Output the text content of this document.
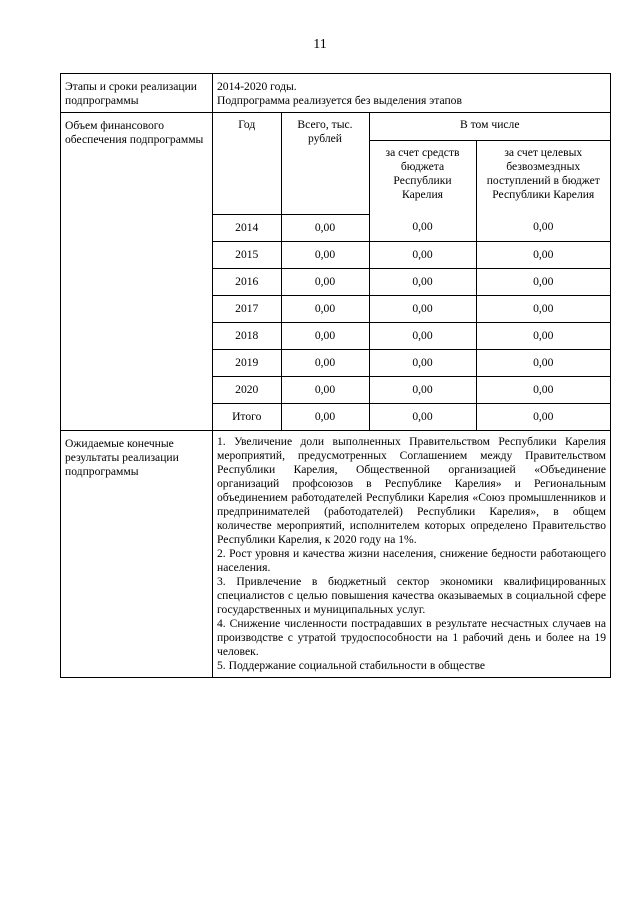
11
Этапы и сроки реализации подпрограммы	
2014-2020 годы.
Подпрограмма реализуется без выделения этапов

Объем финансового обеспечения подпрограммы	
Год	Всего, тыс. рублей	В том числе
за счет средств бюджета Республики Карелия	за счет целевых безвозмездных поступлений в бюджет Республики Карелия
2014	0,00	0,00	0,00
2015	0,00	0,00	0,00
2016	0,00	0,00	0,00
2017	0,00	0,00	0,00
2018	0,00	0,00	0,00
2019	0,00	0,00	0,00
2020	0,00	0,00	0,00
Итого	0,00	0,00	0,00

Ожидаемые конечные результаты реализации подпрограммы	

1. Увеличение доли выполненных Правительством Республики Карелия мероприятий, предусмотренных Соглашением между Правительством Республики Карелия, Общественной организацией «Объединение организаций профсоюзов в Республике Карелия» и Региональным объединением работодателей Республики Карелия «Союз промышленников и предпринимателей (работодателей) Республики Карелия», в общем количестве мероприятий, исполнителем которых определено Правительство Республики Карелия, к 2020 году на 1%.

2. Рост уровня и качества жизни населения, снижение бедности работающего населения.

3. Привлечение в бюджетный сектор экономики квалифицированных специалистов с целью повышения качества оказываемых в социальной сфере государственных и муниципальных услуг.

4. Снижение численности пострадавших в результате несчастных случаев на производстве с утратой трудоспособности на 1 рабочий день и более на 19 человек.

5. Поддержание социальной стабильности в обществе
